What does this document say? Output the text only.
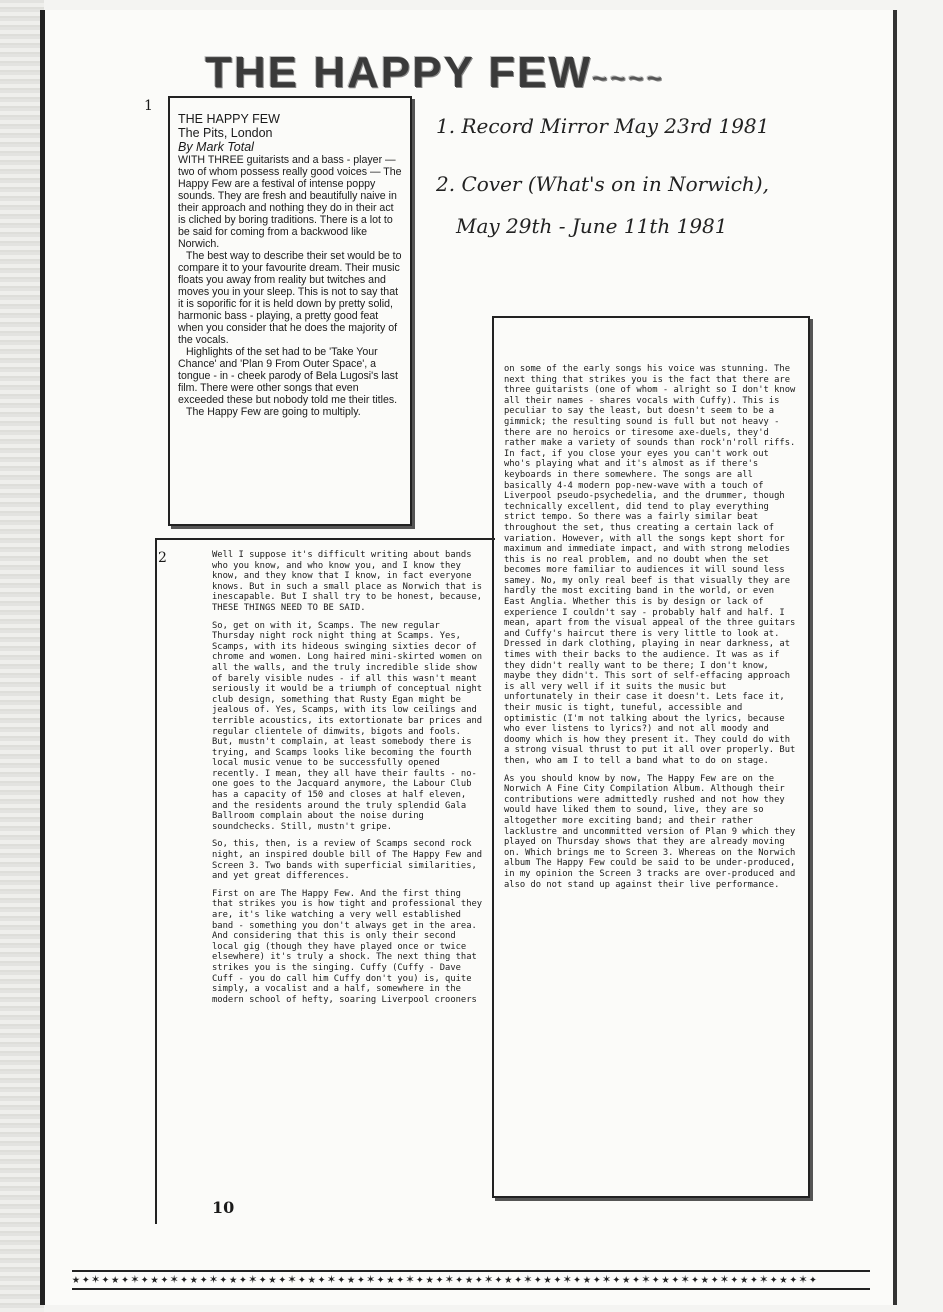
THE HAPPY FEW~~~~
1
2
THE HAPPY FEW
The Pits, London
By Mark Total

WITH THREE guitarists and a bass - player — two of whom possess really good voices — The Happy Few are a festival of intense poppy sounds. They are fresh and beautifully naive in their approach and nothing they do in their act is cliched by boring traditions. There is a lot to be said for coming from a backwood like Norwich.

The best way to describe their set would be to compare it to your favourite dream. Their music floats you away from reality but twitches and moves you in your sleep. This is not to say that it is soporific for it is held down by pretty solid, harmonic bass - playing, a pretty good feat when you consider that he does the majority of the vocals.

Highlights of the set had to be 'Take Your Chance' and 'Plan 9 From Outer Space', a tongue - in - cheek parody of Bela Lugosi's last film. There were other songs that even exceeded these but nobody told me their titles.

The Happy Few are going to multiply.

1. Record Mirror May 23rd 1981
2. Cover (What's on in Norwich),
May 29th - June 11th 1981

Well I suppose it's difficult writing about bands who you know, and who know you, and I know they know, and they know that I know, in fact everyone knows. But in such a small place as Norwich that is inescapable. But I shall try to be honest, because, THESE THINGS NEED TO BE SAID.

So, get on with it, Scamps. The new regular Thursday night rock night thing at Scamps. Yes, Scamps, with its hideous swinging sixties decor of chrome and women. Long haired mini-skirted women on all the walls, and the truly incredible slide show of barely visible nudes - if all this wasn't meant seriously it would be a triumph of conceptual night club design, something that Rusty Egan might be jealous of. Yes, Scamps, with its low ceilings and terrible acoustics, its extortionate bar prices and regular clientele of dimwits, bigots and fools. But, mustn't complain, at least somebody there is trying, and Scamps looks like becoming the fourth local music venue to be successfully opened recently. I mean, they all have their faults - no-one goes to the Jacquard anymore, the Labour Club has a capacity of 150 and closes at half eleven, and the residents around the truly splendid Gala Ballroom complain about the noise during soundchecks. Still, mustn't gripe.

So, this, then, is a review of Scamps second rock night, an inspired double bill of The Happy Few and Screen 3. Two bands with superficial similarities, and yet great differences.

First on are The Happy Few. And the first thing that strikes you is how tight and professional they are, it's like watching a very well established band - something you don't always get in the area. And considering that this is only their second local gig (though they have played once or twice elsewhere) it's truly a shock. The next thing that strikes you is the singing. Cuffy (Cuffy - Dave Cuff - you do call him Cuffy don't you) is, quite simply, a vocalist and a half, somewhere in the modern school of hefty, soaring Liverpool crooners

on some of the early songs his voice was stunning. The next thing that strikes you is the fact that there are three guitarists (one of whom - alright so I don't know all their names - shares vocals with Cuffy). This is peculiar to say the least, but doesn't seem to be a gimmick; the resulting sound is full but not heavy - there are no heroics or tiresome axe-duels, they'd rather make a variety of sounds than rock'n'roll riffs. In fact, if you close your eyes you can't work out who's playing what and it's almost as if there's keyboards in there somewhere. The songs are all basically 4-4 modern pop-new-wave with a touch of Liverpool pseudo-psychedelia, and the drummer, though technically excellent, did tend to play everything strict tempo. So there was a fairly similar beat throughout the set, thus creating a certain lack of variation. However, with all the songs kept short for maximum and immediate impact, and with strong melodies this is no real problem, and no doubt when the set becomes more familiar to audiences it will sound less samey. No, my only real beef is that visually they are hardly the most exciting band in the world, or even East Anglia. Whether this is by design or lack of experience I couldn't say - probably half and half. I mean, apart from the visual appeal of the three guitars and Cuffy's haircut there is very little to look at. Dressed in dark clothing, playing in near darkness, at times with their backs to the audience. It was as if they didn't really want to be there; I don't know, maybe they didn't. This sort of self-effacing approach is all very well if it suits the music but unfortunately in their case it doesn't. Lets face it, their music is tight, tuneful, accessible and optimistic (I'm not talking about the lyrics, because who ever listens to lyrics?) and not all moody and doomy which is how they present it. They could do with a strong visual thrust to put it all over properly. But then, who am I to tell a band what to do on stage.

As you should know by now, The Happy Few are on the Norwich A Fine City Compilation Album. Although their contributions were admittedly rushed and not how they would have liked them to sound, live, they are so altogether more exciting band; and their rather lacklustre and uncommitted version of Plan 9 which they played on Thursday shows that they are already moving on. Which brings me to Screen 3. Whereas on the Norwich album The Happy Few could be said to be under-produced, in my opinion the Screen 3 tracks are over-produced and also do not stand up against their live performance.

10
★✦✶✦★✦✶✦★✦✶✦★✦✶✦★✦✶✦★✦✶✦★✦✶✦★✦✶✦★✦✶✦★✦✶✦★✦✶✦★✦✶✦★✦✶✦★✦✶✦★✦✶✦★✦✶✦★✦✶✦★✦✶✦★✦✶✦
